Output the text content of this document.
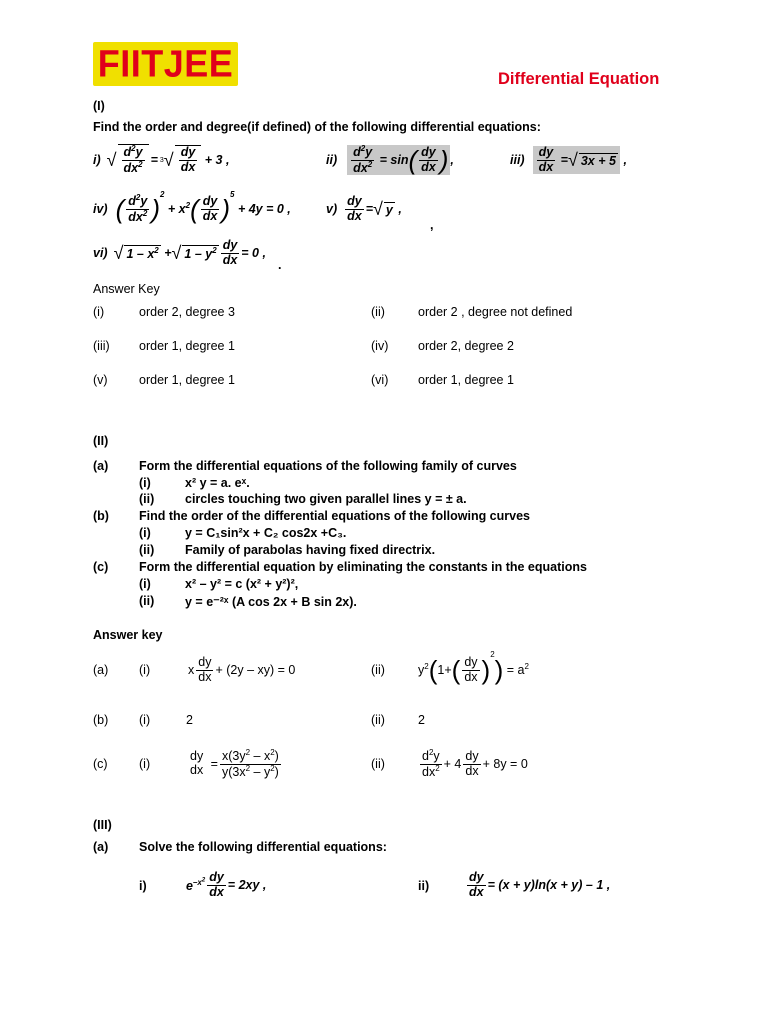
FIITJEE	Differential Equation
(I)
Find the order and degree(if defined) of the following differential equations:
i) √ $\frac{d^2y}{dx^2} = 3$ √ $\frac{dy}{dx} + 3$ ,	$ii) \frac{d^2y}{dx^2} = \sin$ ( $\frac{dy}{dx}$ ) ,	$iii) \frac{dy}{dx}$ = √ 3x + 5 ,
iv) ( $\frac{d^2y}{dx^2} )^2$
+ $x^2$ ( $\frac{dy}{dx} )^5$
+ 4y = 0 ,	$v) \frac{dy}{dx}$ = √ y ,
,
vi) √ $1 - x^2$ + √ $1 - y^2 \frac{dy}{dx} = 0$ ,
.
Answer Key
(i)	order 2, degree 3	(ii)	order 2 , degree not defined
(iii) order 1, degree 1	(iv) order 2, degree 2
(v)	order 1, degree 1	(vi) order 1, degree 1
(II)
(a) Form the differential equations of the following family of curves
(i)	x² y = a. eˣ.
(ii) circles touching two given parallel lines y = ± a.
(b) Find the order of the differential equations of the following curves
(i)	y = C₁sin²x + C₂ cos2x +C₃.
(ii) Family of parabolas having fixed directrix.
(c) Form the differential equation by eliminating the constants in the equations
(i)	x² – y² = c (x² + y²)²,
(ii) y = e⁻²ˣ (A cos 2x + B sin 2x).
Answer key
(a) (i)	x $\frac{dy}{dx} + (2y - xy) = 0$	(ii)	$y^2$ ( 1+ ( $\frac{dy}{dx}$ )
$^2$
) = $a^2$
(b) (i)	2	(ii)	2
(c)	(i)
dy
dx = $\frac{x(3y^2 - x^2)}{y(3x^2 - y^2)}$	(ii)	$\frac{d^2y}{dx^2} + 4 \frac{dy}{dx} + 8y = 0$
(III)
(a) Solve the following differential equations:
i)	$e^{-x^2} \frac{dy}{dx} = 2xy$ ,	ii)	$\frac{dy}{dx} = (x + y)\ln(x + y) - 1$ ,
